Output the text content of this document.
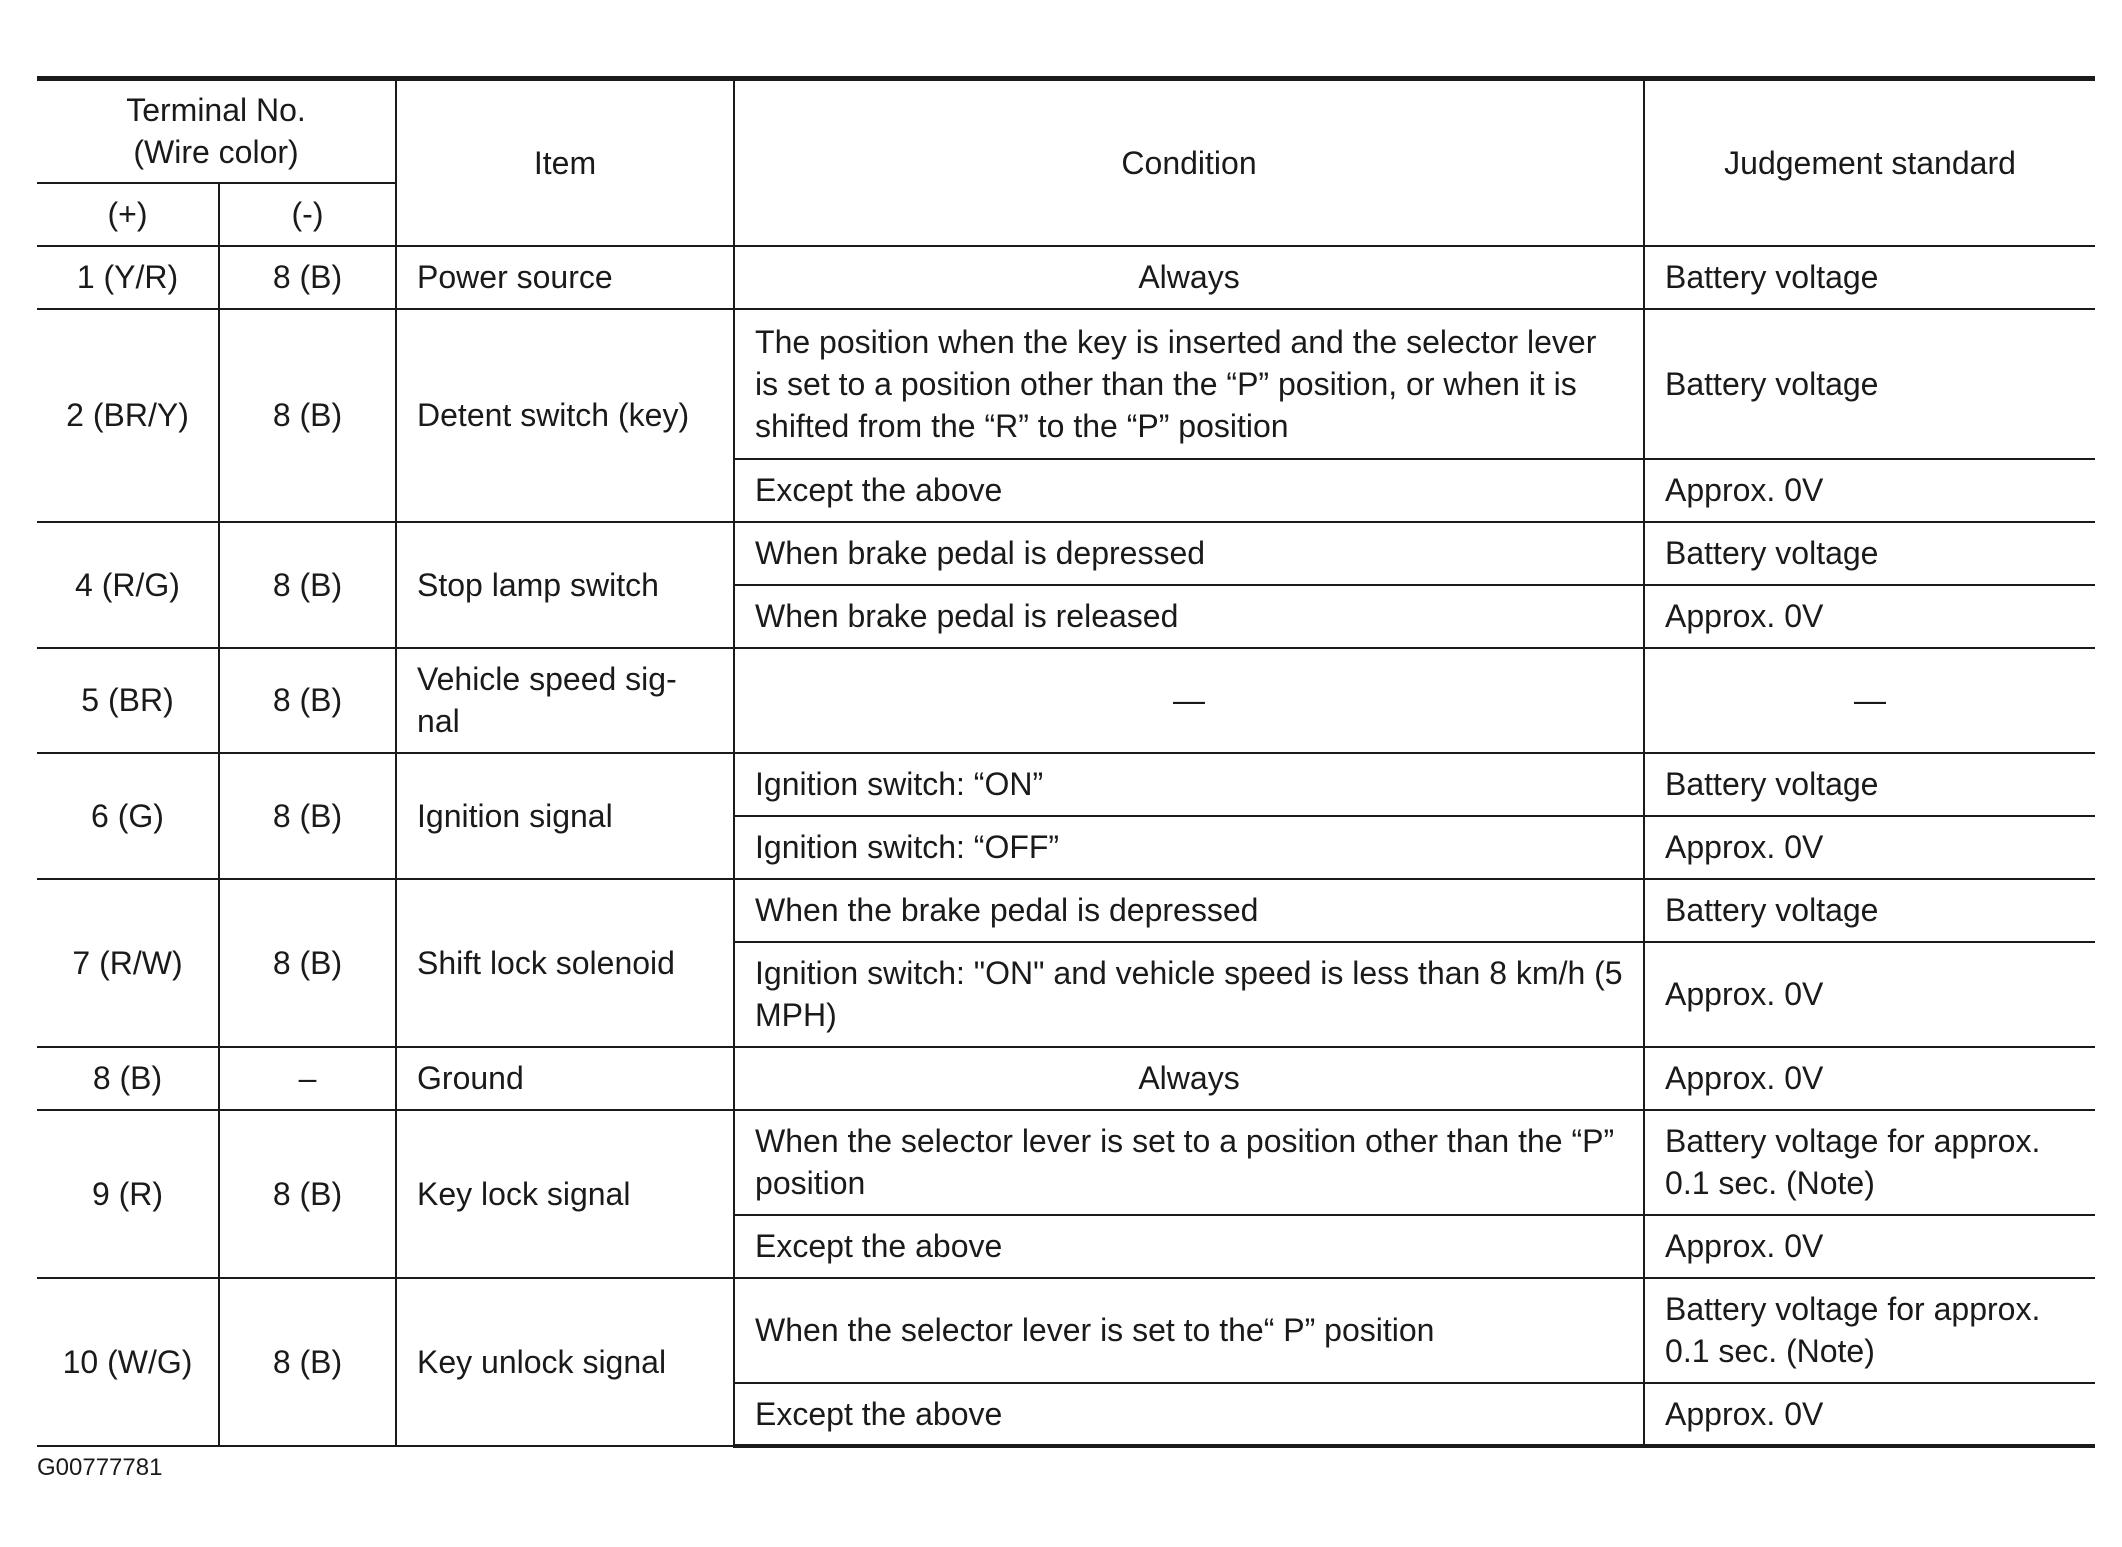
Terminal No.
(Wire color)		Item	Condition	Judgement standard
(+)	(-)			
1 (Y/R)	8 (B)	Power source	Always	Battery voltage
2 (BR/Y)	8 (B)	Detent switch (key)	The position when the key is inserted and the selector lever is set to a position other than the “P” position, or when it is shifted from the “R” to the “P” position	Battery voltage
			Except the above	Approx. 0V
4 (R/G)	8 (B)	Stop lamp switch	When brake pedal is depressed	Battery voltage
			When brake pedal is released	Approx. 0V
5 (BR)	8 (B)	Vehicle speed sig-nal	—	—
6 (G)	8 (B)	Ignition signal	Ignition switch: “ON”	Battery voltage
			Ignition switch: “OFF”	Approx. 0V
7 (R/W)	8 (B)	Shift lock solenoid	When the brake pedal is depressed	Battery voltage
			Ignition switch: "ON" and vehicle speed is less than 8 km/h (5 MPH)	Approx. 0V
8 (B)	–	Ground	Always	Approx. 0V
9 (R)	8 (B)	Key lock signal	When the selector lever is set to a position other than the “P” position	Battery voltage for approx. 0.1 sec. (Note)
			Except the above	Approx. 0V
10 (W/G)	8 (B)	Key unlock signal	When the selector lever is set to the“ P” position	Battery voltage for approx. 0.1 sec. (Note)
			Except the above	Approx. 0V
G00777781
